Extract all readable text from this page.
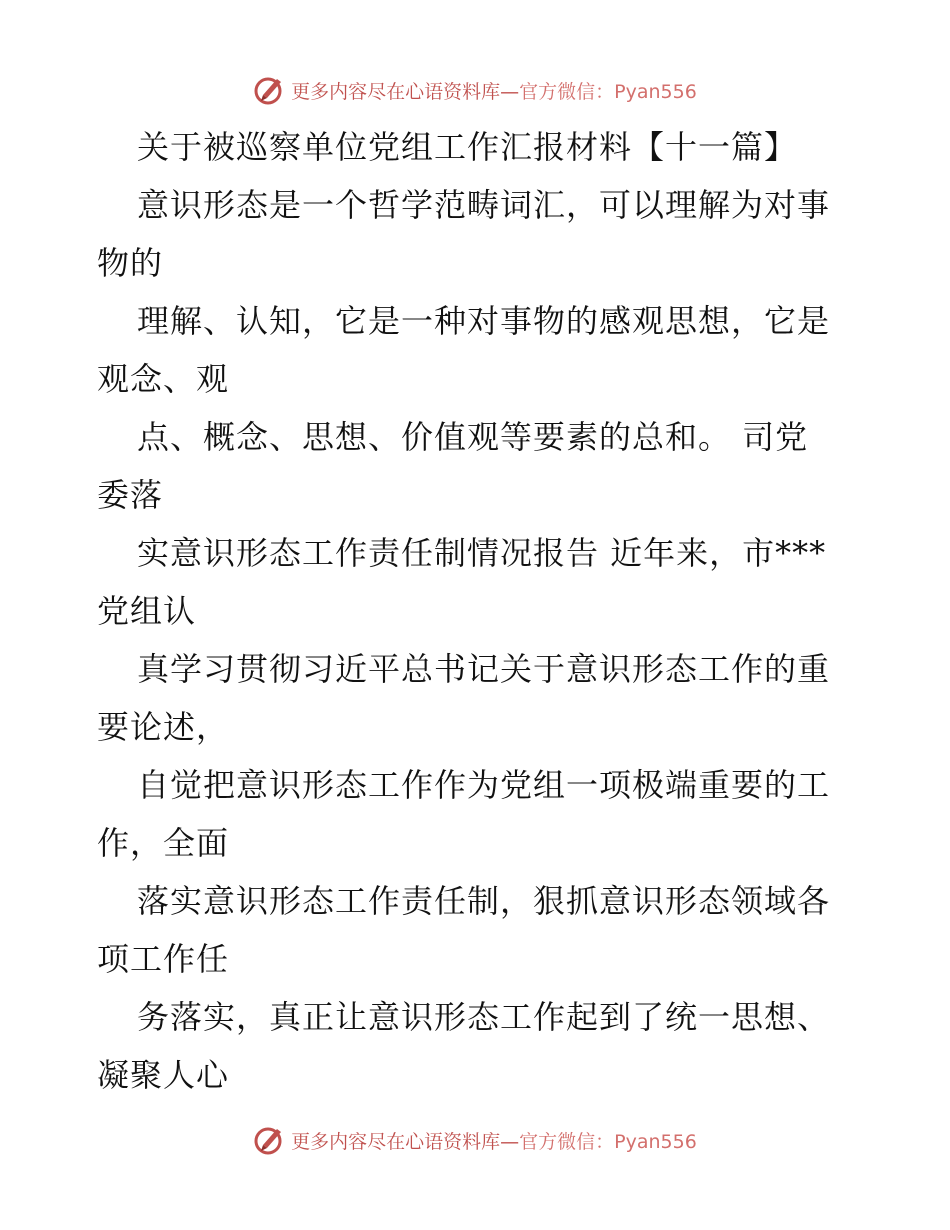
更多内容尽在心语资料库—官方微信：Pyan556
关于被巡察单位党组工作汇报材料【十一篇】
意识形态是一个哲学范畴词汇，可以理解为对事
物的
理解、认知，它是一种对事物的感观思想，它是
观念、观
点、概念、思想、价值观等要素的总和。 司党
委落
实意识形态工作责任制情况报告 近年来，市***
党组认
真学习贯彻习近平总书记关于意识形态工作的重
要论述，
自觉把意识形态工作作为党组一项极端重要的工
作，全面
落实意识形态工作责任制，狠抓意识形态领域各
项工作任
务落实，真正让意识形态工作起到了统一思想、
凝聚人心
更多内容尽在心语资料库—官方微信：Pyan556
